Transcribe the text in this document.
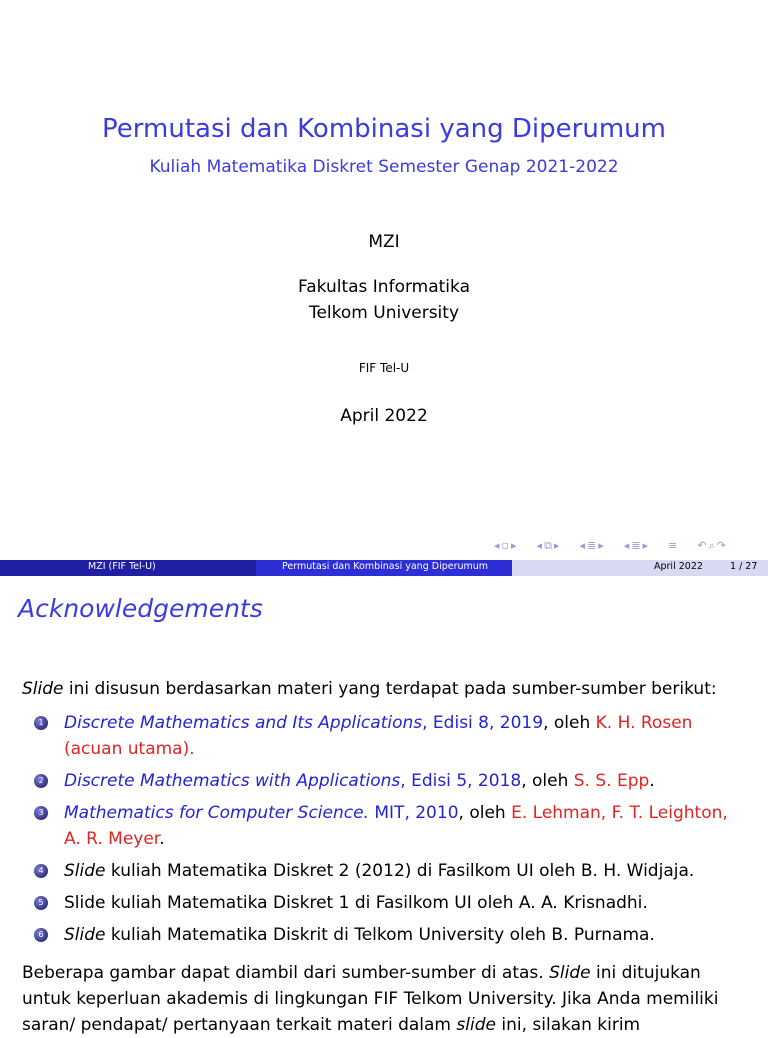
Permutasi dan Kombinasi yang Diperumum
Kuliah Matematika Diskret Semester Genap 2021-2022
MZI
Fakultas Informatika
Telkom University
FIF Tel-U
April 2022
◂ ▫ ▸ ◂ ⧉ ▸ ◂ ≣ ▸ ◂ ≣ ▸ ≡ ↶ ⌕ ↷
MZI (FIF Tel-U)	Permutasi dan Kombinasi yang Diperumum	April 2022	1 / 27
Acknowledgements
Slide ini disusun berdasarkan materi yang terdapat pada sumber-sumber berikut:
1 Discrete Mathematics and Its Applications, Edisi 8, 2019, oleh K. H. Rosen (acuan utama).
2 Discrete Mathematics with Applications, Edisi 5, 2018, oleh S. S. Epp.
3 Mathematics for Computer Science. MIT, 2010, oleh E. Lehman, F. T. Leighton, A. R. Meyer.
4 Slide kuliah Matematika Diskret 2 (2012) di Fasilkom UI oleh B. H. Widjaja.
5 Slide kuliah Matematika Diskret 1 di Fasilkom UI oleh A. A. Krisnadhi.
6 Slide kuliah Matematika Diskrit di Telkom University oleh B. Purnama.
Beberapa gambar dapat diambil dari sumber-sumber di atas. Slide ini ditujukan untuk keperluan akademis di lingkungan FIF Telkom University. Jika Anda memiliki saran/ pendapat/ pertanyaan terkait materi dalam slide ini, silakan kirim
